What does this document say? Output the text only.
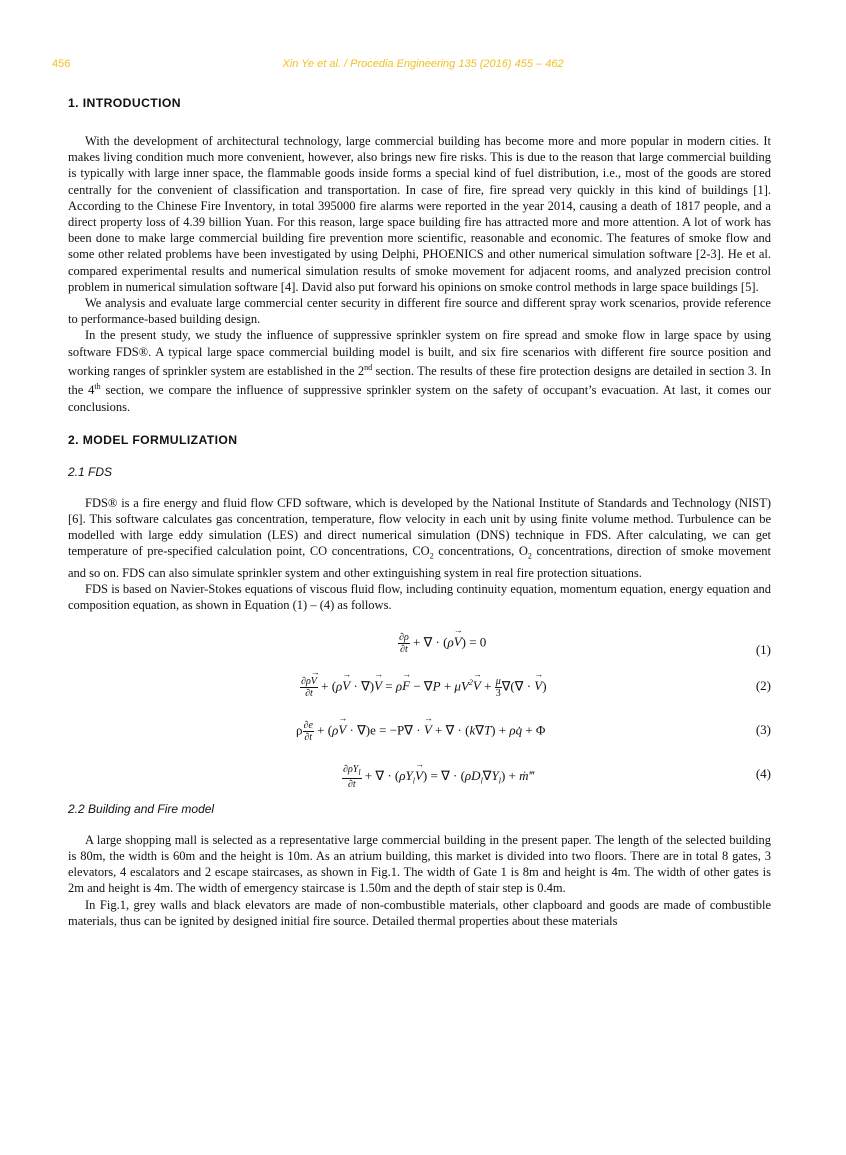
456	Xin Ye et al. / Procedia Engineering 135 (2016) 455 – 462
1. INTRODUCTION

With the development of architectural technology, large commercial building has become more and more popular in modern cities. It makes living condition much more convenient, however, also brings new fire risks. This is due to the reason that large commercial building is typically with large inner space, the flammable goods inside forms a special kind of fuel distribution, i.e., most of the goods are stored centrally for the convenient of classification and transportation. In case of fire, fire spread very quickly in this kind of buildings [1]. According to the Chinese Fire Inventory, in total 395000 fire alarms were reported in the year 2014, causing a death of 1817 people, and a direct property loss of 4.39 billion Yuan. For this reason, large space building fire has attracted more and more attention. A lot of work has been done to make large commercial building fire prevention more scientific, reasonable and economic. The features of smoke flow and some other related problems have been investigated by using Delphi, PHOENICS and other numerical simulation software [2-3]. He et al. compared experimental results and numerical simulation results of smoke movement for adjacent rooms, and analyzed precision control problem in numerical simulation software [4]. David also put forward his opinions on smoke control methods in large space buildings [5].

We analysis and evaluate large commercial center security in different fire source and different spray work scenarios, provide reference to performance-based building design.

In the present study, we study the influence of suppressive sprinkler system on fire spread and smoke flow in large space by using software FDS®. A typical large space commercial building model is built, and six fire scenarios with different fire source position and working ranges of sprinkler system are established in the 2nd section. The results of these fire protection designs are detailed in section 3. In the 4th section, we compare the influence of suppressive sprinkler system on the safety of occupant’s evacuation. At last, it comes our conclusions.

2. MODEL FORMULIZATION
2.1 FDS

FDS® is a fire energy and fluid flow CFD software, which is developed by the National Institute of Standards and Technology (NIST) [6]. This software calculates gas concentration, temperature, flow velocity in each unit by using finite volume method. Turbulence can be modelled with large eddy simulation (LES) and direct numerical simulation (DNS) technique in FDS. After calculating, we can get temperature of pre-specified calculation point, CO concentrations, $CO_2$ concentrations, $O_2$ concentrations, direction of smoke movement and so on. FDS can also simulate sprinkler system and other extinguishing system in real fire protection situations.

FDS is based on Navier-Stokes equations of viscous fluid flow, including continuity equation, momentum equation, energy equation and composition equation, as shown in Equation (1) – (4) as follows.

$\frac{\partial\rho}{\partial t}$ + ∇ · (ρ→ V) = 0
(1)
$\frac{\partial\rho\to V}{\partial t} + (\rho\to V$ · ∇)→ $V = \rho\to F - \nabla P + \mu V^2\to V + \frac{\mu}{3}$ ∇(∇ · → V)	(2)
ρ $\frac{\partial e}{\partial t} + (\rho\to V \cdot \nabla)e = -P\nabla$ · → V + ∇ · (k∇T) + ρq̇ + Φ	(3)
$\frac{\partial\rho Y_l}{\partial t}$ + ∇ · $(\rho Y_l\to V)$ = ∇ · $(\rho D_l\nabla Y_l)$ + ṁ‴	(4)
2.2 Building and Fire model

A large shopping mall is selected as a representative large commercial building in the present paper. The length of the selected building is 80m, the width is 60m and the height is 10m. As an atrium building, this market is divided into two floors. There are in total 8 gates, 3 elevators, 4 escalators and 2 escape staircases, as shown in Fig.1. The width of Gate 1 is 8m and height is 4m. The width of other gates is 2m and height is 4m. The width of emergency staircase is 1.50m and the depth of stair step is 0.4m.

In Fig.1, grey walls and black elevators are made of non-combustible materials, other clapboard and goods are made of combustible materials, thus can be ignited by designed initial fire source. Detailed thermal properties about these materials
